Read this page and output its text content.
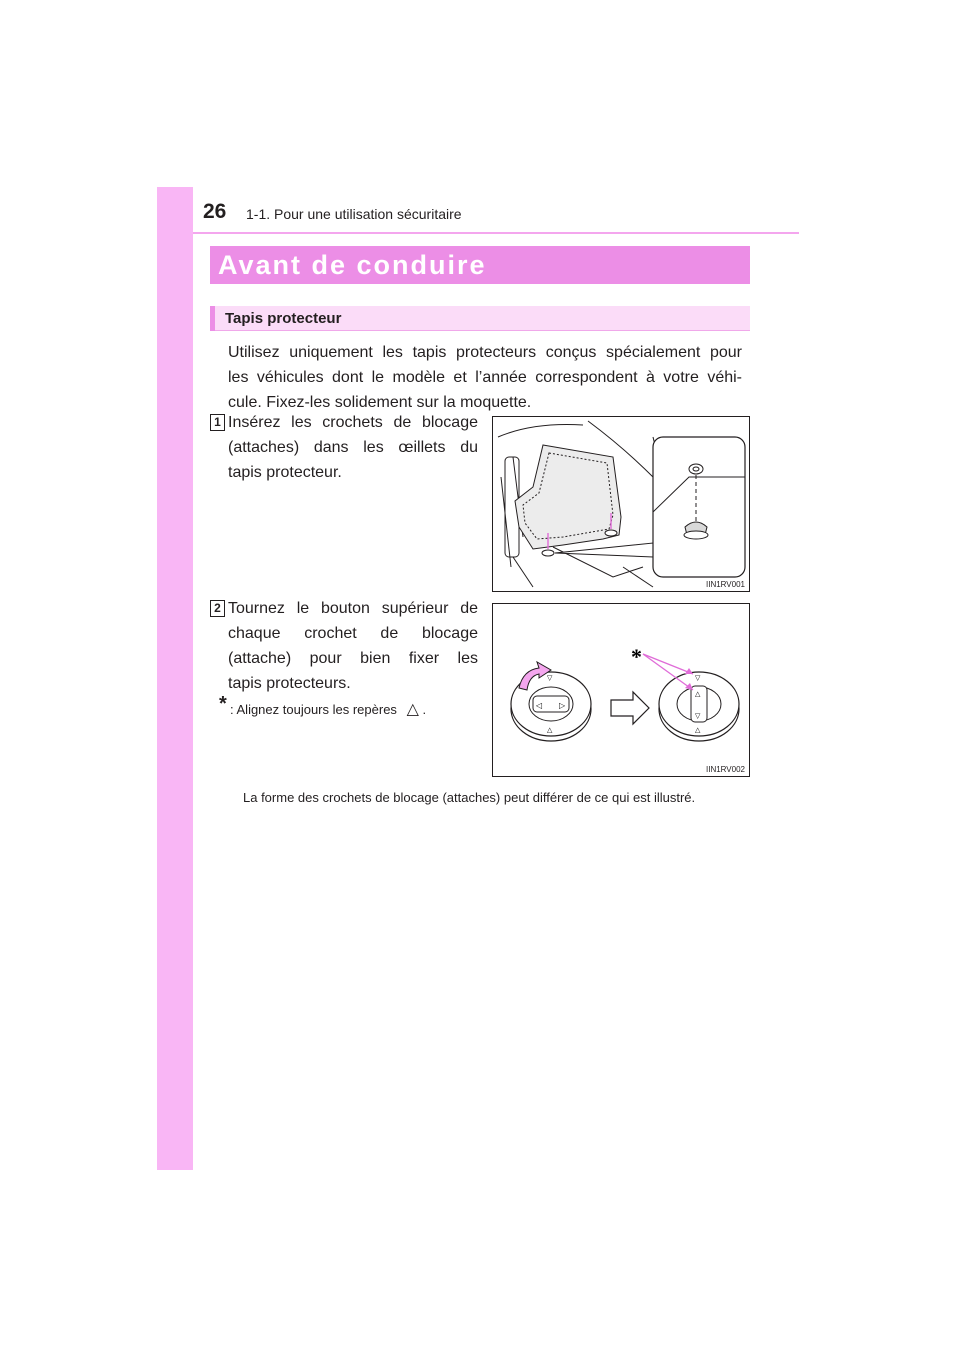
26 1-1. Pour une utilisation sécuritaire
Avant de conduire
Tapis protecteur
Utilisez uniquement les tapis protecteurs conçus spécialement pour
les véhicules dont le modèle et l’année correspondent à votre véhi-
cule. Fixez-les solidement sur la moquette.
1 Insérez les crochets de blocage
(attaches) dans les œillets du
tapis protecteur.
IIN1RV001
2 Tournez le bouton supérieur de
chaque crochet de blocage
(attache) pour bien fixer les
tapis protecteurs.
* : Alignez toujours les repères △ .	◁ ▷
▽
△
△
▽
▽
△
*
IIN1RV002
La forme des crochets de blocage (attaches) peut différer de ce qui est illustré.
